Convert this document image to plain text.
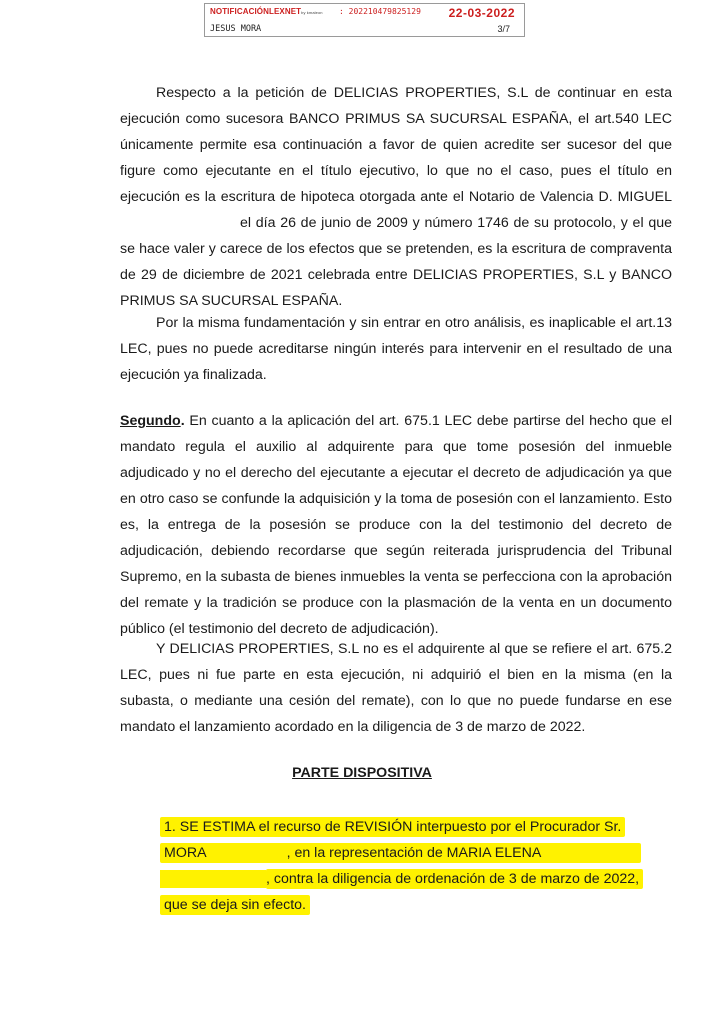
NOTIFICACIÓNLEXNETby kmaleon : 202210479825129 22-03-2022
JESUS MORA	3/7

Respecto a la petición de DELICIAS PROPERTIES, S.L de continuar en esta ejecución como sucesora BANCO PRIMUS SA SUCURSAL ESPAÑA, el art.540 LEC únicamente permite esa continuación a favor de quien acredite ser sucesor del que figure como ejecutante en el título ejecutivo, lo que no el caso, pues el título en ejecución es la escritura de hipoteca otorgada ante el Notario de Valencia D. MIGUELel día 26 de junio de 2009 y número 1746 de su protocolo, y el que se hace valer y carece de los efectos que se pretenden, es la escritura de compraventa de 29 de diciembre de 2021 celebrada entre DELICIAS PROPERTIES, S.L y BANCO PRIMUS SA SUCURSAL ESPAÑA.

Por la misma fundamentación y sin entrar en otro análisis, es inaplicable el art.13 LEC, pues no puede acreditarse ningún interés para intervenir en el resultado de una ejecución ya finalizada.

Segundo. En cuanto a la aplicación del art. 675.1 LEC debe partirse del hecho que el mandato regula el auxilio al adquirente para que tome posesión del inmueble adjudicado y no el derecho del ejecutante a ejecutar el decreto de adjudicación ya que en otro caso se confunde la adquisición y la toma de posesión con el lanzamiento. Esto es, la entrega de la posesión se produce con la del testimonio del decreto de adjudicación, debiendo recordarse que según reiterada jurisprudencia del Tribunal Supremo, en la subasta de bienes inmuebles la venta se perfecciona con la aprobación del remate y la tradición se produce con la plasmación de la venta en un documento público (el testimonio del decreto de adjudicación).

Y DELICIAS PROPERTIES, S.L no es el adquirente al que se refiere el art. 675.2 LEC, pues ni fue parte en esta ejecución, ni adquirió el bien en la misma (en la subasta, o mediante una cesión del remate), con lo que no puede fundarse en ese mandato el lanzamiento acordado en la diligencia de 3 de marzo de 2022.

PARTE DISPOSITIVA
1. SE ESTIMA el recurso de REVISIÓN interpuesto por el Procurador Sr.
MORA	, en la representación de MARIA ELENA
, contra la diligencia de ordenación de 3 de marzo de 2022,
que se deja sin efecto.
